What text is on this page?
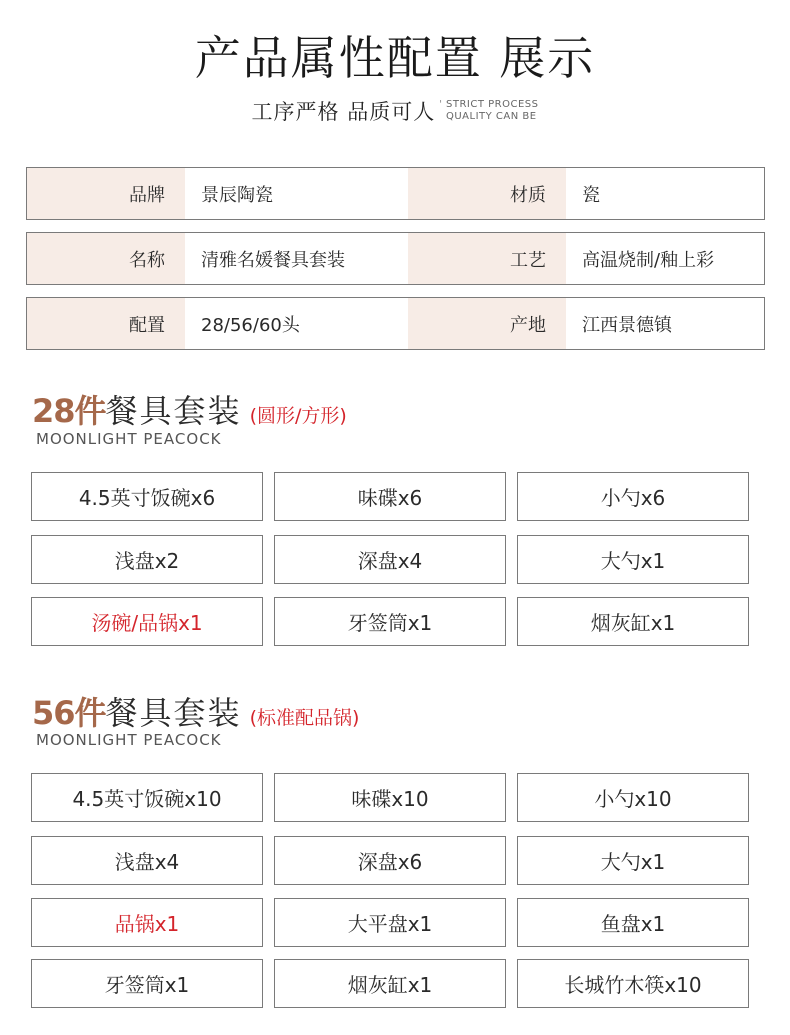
产品属性配置 展示
工序严格 品质可人 ' STRICT PROCESS
QUALITY CAN BE
品牌	景辰陶瓷	材质	瓷
名称	清雅名媛餐具套装	工艺	高温烧制/釉上彩
配置	28/56/60头	产地	江西景德镇
28件 餐具套装 (圆形/方形)
MOONLIGHT PEACOCK
4.5英寸饭碗x6	味碟x6	小勺x6
浅盘x2	深盘x4	大勺x1
汤碗/品锅x1	牙签筒x1	烟灰缸x1
56件 餐具套装 (标准配品锅)
MOONLIGHT PEACOCK
4.5英寸饭碗x10	味碟x10	小勺x10
浅盘x4	深盘x6	大勺x1
品锅x1	大平盘x1	鱼盘x1
牙签筒x1	烟灰缸x1	长城竹木筷x10
